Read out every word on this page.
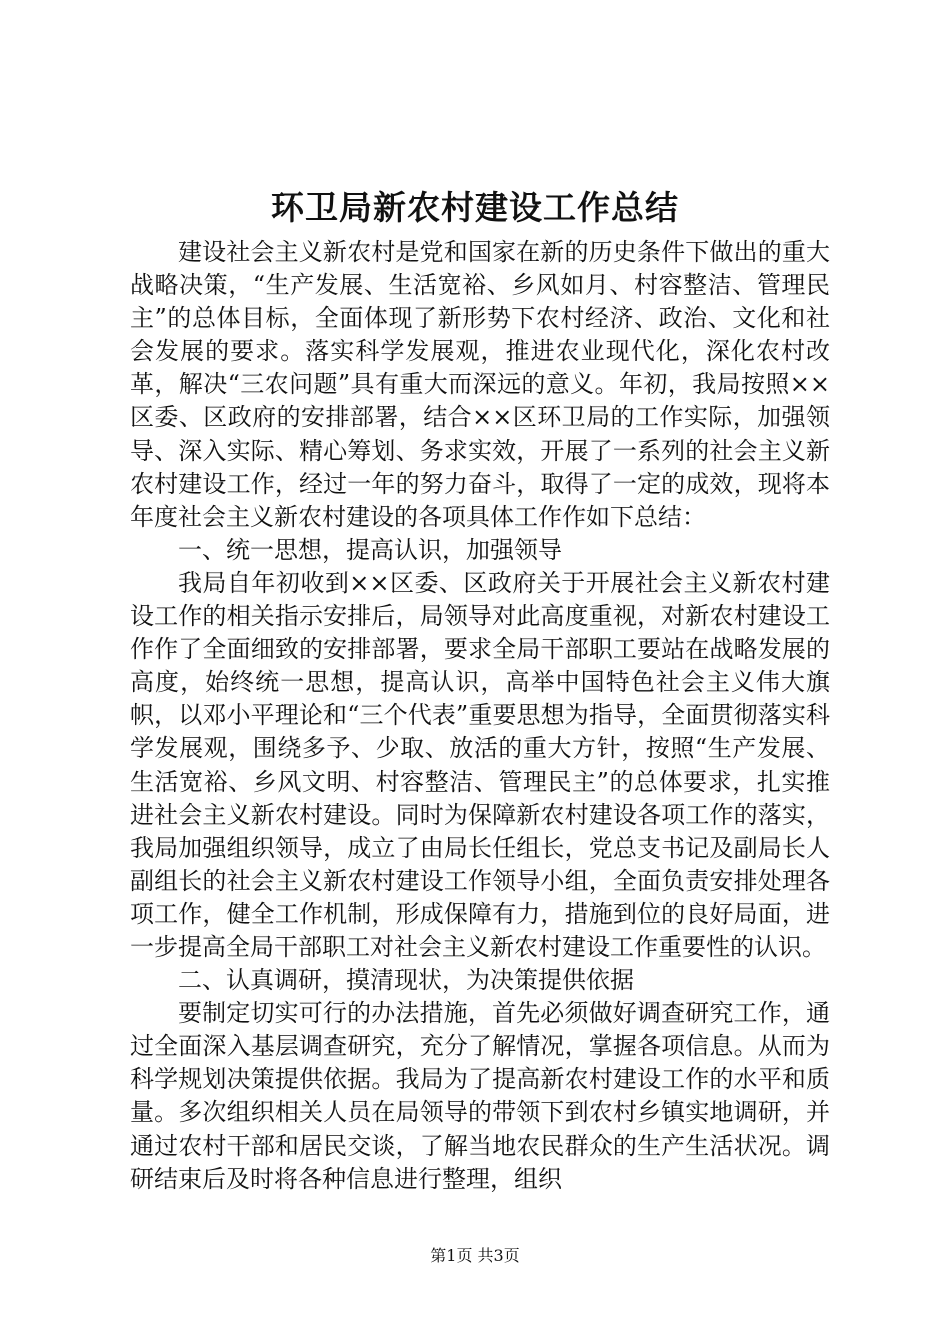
环卫局新农村建设工作总结

建设社会主义新农村是党和国家在新的历史条件下做出的重大战略决策，“生产发展、生活宽裕、乡风如月、村容整洁、管理民主”的总体目标，全面体现了新形势下农村经济、政治、文化和社会发展的要求。落实科学发展观，推进农业现代化，深化农村改革，解决“三农问题”具有重大而深远的意义。年初，我局按照××区委、区政府的安排部署，结合××区环卫局的工作实际，加强领导、深入实际、精心筹划、务求实效，开展了一系列的社会主义新农村建设工作，经过一年的努力奋斗，取得了一定的成效，现将本年度社会主义新农村建设的各项具体工作作如下总结：

一、统一思想，提高认识，加强领导

我局自年初收到××区委、区政府关于开展社会主义新农村建设工作的相关指示安排后，局领导对此高度重视，对新农村建设工作作了全面细致的安排部署，要求全局干部职工要站在战略发展的高度，始终统一思想，提高认识，高举中国特色社会主义伟大旗帜，以邓小平理论和“三个代表”重要思想为指导，全面贯彻落实科学发展观，围绕多予、少取、放活的重大方针，按照“生产发展、生活宽裕、乡风文明、村容整洁、管理民主”的总体要求，扎实推进社会主义新农村建设。同时为保障新农村建设各项工作的落实，我局加强组织领导，成立了由局长任组长，党总支书记及副局长人副组长的社会主义新农村建设工作领导小组，全面负责安排处理各项工作，健全工作机制，形成保障有力，措施到位的良好局面，进一步提高全局干部职工对社会主义新农村建设工作重要性的认识。

二、认真调研，摸清现状，为决策提供依据

要制定切实可行的办法措施，首先必须做好调查研究工作，通过全面深入基层调查研究，充分了解情况，掌握各项信息。从而为科学规划决策提供依据。我局为了提高新农村建设工作的水平和质量。多次组织相关人员在局领导的带领下到农村乡镇实地调研，并通过农村干部和居民交谈，了解当地农民群众的生产生活状况。调研结束后及时将各种信息进行整理，组织

第1页 共3页
